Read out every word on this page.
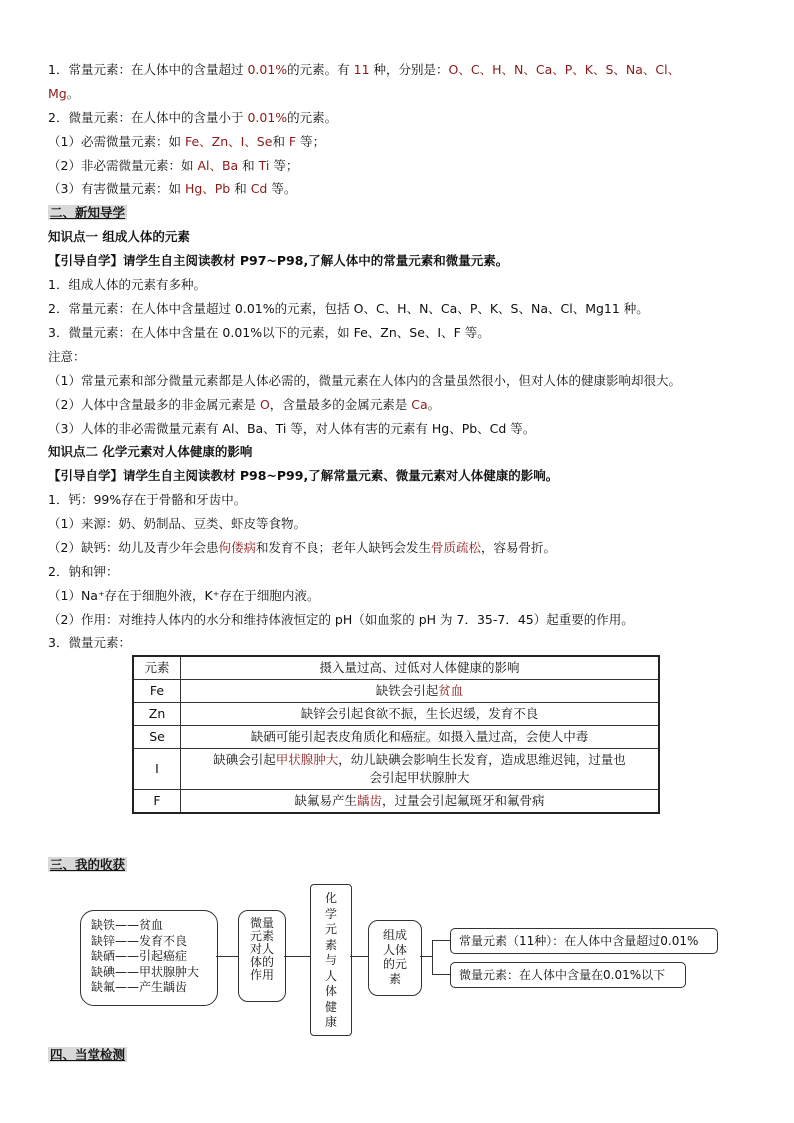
1．常量元素：在人体中的含量超过 0.01%的元素。有 11 种，分别是：O、C、H、N、Ca、P、K、S、Na、Cl、
Mg。
2．微量元素：在人体中的含量小于 0.01%的元素。
（1）必需微量元素：如 Fe、Zn、I、Se和 F 等；
（2）非必需微量元素：如 Al、Ba 和 Ti 等；
（3）有害微量元素：如 Hg、Pb 和 Cd 等。
二、新知导学
知识点一 组成人体的元素
【引导自学】请学生自主阅读教材 P97~P98,了解人体中的常量元素和微量元素。
1．组成人体的元素有多种。
2．常量元素：在人体中含量超过 0.01%的元素，包括 O、C、H、N、Ca、P、K、S、Na、Cl、Mg11 种。
3．微量元素：在人体中含量在 0.01%以下的元素，如 Fe、Zn、Se、I、F 等。
注意：
（1）常量元素和部分微量元素都是人体必需的，微量元素在人体内的含量虽然很小，但对人体的健康影响却很大。
（2）人体中含量最多的非金属元素是 O，含量最多的金属元素是 Ca。
（3）人体的非必需微量元素有 Al、Ba、Ti 等，对人体有害的元素有 Hg、Pb、Cd 等。
知识点二 化学元素对人体健康的影响
【引导自学】请学生自主阅读教材 P98~P99,了解常量元素、微量元素对人体健康的影响。
1．钙：99%存在于骨骼和牙齿中。
（1）来源：奶、奶制品、豆类、虾皮等食物。
（2）缺钙：幼儿及青少年会患佝偻病和发育不良；老年人缺钙会发生骨质疏松，容易骨折。
2．钠和钾：
（1）Na⁺存在于细胞外液，K⁺存在于细胞内液。
（2）作用：对维持人体内的水分和维持体液恒定的 pH（如血浆的 pH 为 7．35-7．45）起重要的作用。
3．微量元素：
元素	摄入量过高、过低对人体健康的影响
Fe	缺铁会引起贫血
Zn	缺锌会引起食欲不振，生长迟缓，发育不良
Se	缺硒可能引起表皮角质化和癌症。如摄入量过高，会使人中毒
I	缺碘会引起甲状腺肿大，幼儿缺碘会影响生长发育，造成思维迟钝，过量也
会引起甲状腺肿大
F	缺氟易产生龋齿，过量会引起氟斑牙和氟骨病
三、我的收获
缺铁——贫血
缺锌——发育不良
缺硒——引起癌症
缺碘——甲状腺肿大
缺氟——产生龋齿
微量
元素
对人
体的
作用
化
学
元
素
与
人
体
健
康
组成
人体
的元
素
常量元素（11种）：在人体中含量超过0.01%
微量元素：在人体中含量在0.01%以下
四、当堂检测
